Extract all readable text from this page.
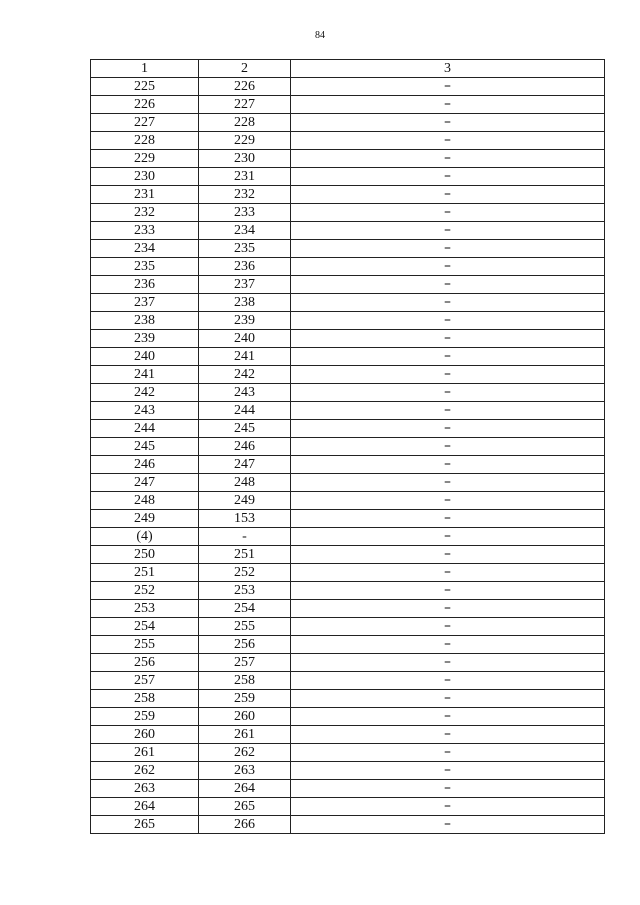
84
1	2	3
225	226	–
226	227	–
227	228	–
228	229	–
229	230	–
230	231	–
231	232	–
232	233	–
233	234	–
234	235	–
235	236	–
236	237	–
237	238	–
238	239	–
239	240	–
240	241	–
241	242	–
242	243	–
243	244	–
244	245	–
245	246	–
246	247	–
247	248	–
248	249	–
249	153	–
(4)	-	–
250	251	–
251	252	–
252	253	–
253	254	–
254	255	–
255	256	–
256	257	–
257	258	–
258	259	–
259	260	–
260	261	–
261	262	–
262	263	–
263	264	–
264	265	–
265	266	–
